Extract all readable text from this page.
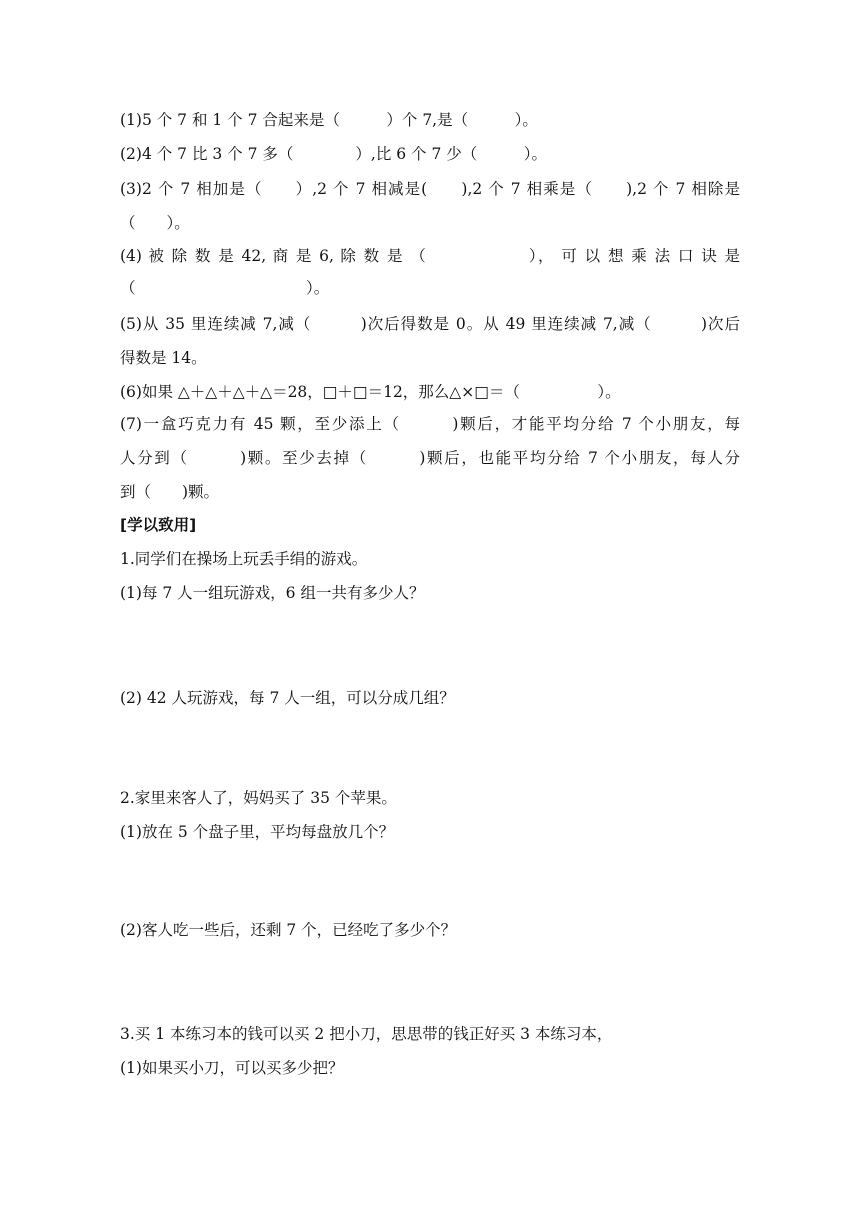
(1)5 个 7 和 1 个 7 合起来是（　　　）个 7,是（　　　）。
(2)4 个 7 比 3 个 7 多（　　　　）,比 6 个 7 少（　　　）。
(3)2 个 7 相加是（　　）,2 个 7 相减是(　　),2 个 7 相乘是（　　),2 个 7 相除是
（　　）。
(4) 被 除 数 是 42, 商 是 6, 除 数 是 （　　　　　　）， 可 以 想 乘 法 口 诀 是
（　　　　　　　　　　　）。
(5)从 35 里连续减 7,减（　　　)次后得数是 0。从 49 里连续减 7,减（　　　)次后
得数是 14。
(6)如果 △＋△＋△＋△＝28，□＋□＝12，那么△×□＝（　　　　　）。
(7)一盒巧克力有 45 颗，至少添上（　　　)颗后，才能平均分给 7 个小朋友，每
人分到（　　　)颗。至少去掉（　　　)颗后，也能平均分给 7 个小朋友，每人分
到（　　)颗。
[学以致用]
1.同学们在操场上玩丢手绢的游戏。
(1)每 7 人一组玩游戏，6 组一共有多少人？
(2) 42 人玩游戏，每 7 人一组，可以分成几组？
2.家里来客人了，妈妈买了 35 个苹果。
(1)放在 5 个盘子里，平均每盘放几个？
(2)客人吃一些后，还剩 7 个，已经吃了多少个？
3.买 1 本练习本的钱可以买 2 把小刀，思思带的钱正好买 3 本练习本，
(1)如果买小刀，可以买多少把？
